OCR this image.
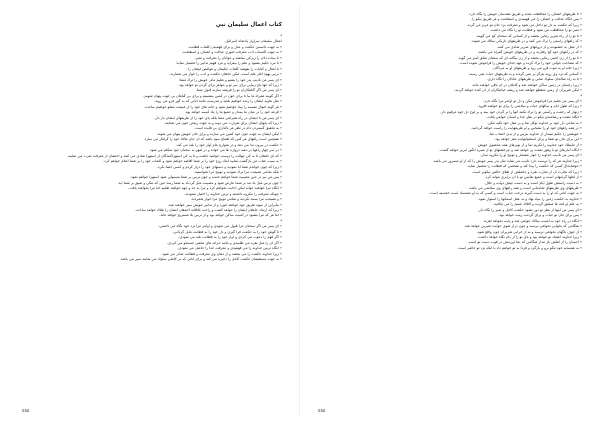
كتاب اعمال سليمان نبي
*
اعمال سليمان سراوار پادشاه اسرائيل.
٭ به جهت دانستن حكمت و عدل و براي فهميدن كلمات فطانت.
٭ به جهت اكتساب ادب معرفت آموزي عدالت و انصاف و استقامت؛
٭ تا ساده دلان را زيركي ببخشد و جوانان را معرفت و تميز.
٭ تا مرد حكيم بشنود و علم را بيفزايد و مرد فهيم تدابير را تحصيل نمايد؛
٭ تا امثال و كنايات را بفهمند كلمات حكيمان و غوامض ايشان را.
٭ ترس يهوه آغاز علم است، ليكن جاهلان حكمت و ادب را خوار مي شمارند.
٭ اي پسر من تأديب پدر خود را بشنو و تعليم مادر خويش را ترك منما؛
٭ زيرا كه آنها تاج زيبايي براي سر تو و جواهر براي گردن تو خواهد بود.
٭ اي پسر من اگر گناهكاران تو را فريفته سازند قبول منما.
٭ اگر گويند همراه ما بيا تا براي خون در كمين بنشينيم و براي بي گناهان بي جهت پنهان شويم.
٭ مثل هاويه ايشان را زنده خواهيم بلعيد و تندرست مانند آناني كه به گور فرو مي روند.
٭ هر گونه اموال نفيسه را پيدا خواهيم نمود و خانه هاي خود را از غنيمت مملو خواهيم ساخت.
٭ قرعه خود را در ميان ما بينداز و جميع ما را يك كيسه خواهد بود.
٭ اي پسر من با ايشان در راه همراهي منما بلكه پاي خود را از طريقهاي ايشان باز دار.
٭ زيرا كه پايهاي ايشان براي شرارت مي دوند و به جهت ريختن خون مي شتابند.
٭ به تحقيق گستردن دام در نظر هر بالداري بي فايده است.
٭ ليكن ايشان به جهت خون خود كمين مي سازند و براي جان خويش پنهان مي شوند.
٭ همچنين است راههاي هر كس كه طماع سود باشد كه آن جان مالك خود را گرفتار مي سازد.
٭ حكمت در بيرون ندا مي دهد و در شوارع عام آواز خود را بلند مي كند.
٭ در سر چهار راهها در دهنه دروازه ها مي خواند و در شهر به سخنان خود متكلم مي شود.
٭ كه اي جاهلان تا به كي جهالت را دوست خواهيد داشت و تا به كي استهزاكنندگان از استهزا شادي مي كنند و احمقان از معرفت نفرت مي نمايند.
٭ به سبب عتاب من بازگشت نماييد اينك روح خود را بر شما افاضه خواهم نمود و كلمات خود را بر شما اعلام خواهم كرد.
٭ زيرا كه چون خواندم شما ابا نموديد و دستهاي خود را دراز كردم و كسي اعتنا نكرد.
٭ بلكه تمامي نصيحت مرا ترك نموديد و توبيخ مرا نخواستيد.
٭ پس من نيز در حين مصيبت شما خواهم خنديد و چون ترس بر شما مستولي شود استهزا خواهم نمود.
٭ چون ترس مثل باد تند بر شما عارض شود و مصيبت مثل گردباد به شما رسد حين كه تنگي و ضيق بر شما آيد.
٭ آنگاه مرا خواهند خواند ليكن اجابت نخواهم كرد و مرا به جد و جهد خواهند طلبيد اما مرا نخواهند يافت.
٭ چونكه معرفت را مكروه داشتند و ترس خداوند را اختيار ننمودند.
٭ و نصيحت مرا پسند نكردند و تمامي توبيخ مرا خوار شمردند.
٭ بنابراين از ميوه طريق خود خواهند خورد و از تدابير خويش سير خواهند شد.
٭ زيرا كه ارتداد جاهلان ايشان را خواهد كشت و راحت غافلانه احمقان ايشان را هلاك خواهد ساخت.
٭ اما هر كه مرا بشنود در امنيت ساكن خواهد بود و از ترس بلا مستريح خواهد ماند.
*
٭ اي پسر من اگر سخنان مرا قبول مي نمودي و اوامر مرا نزد خود نگاه مي داشتي،
٭ تا گوش خود را به حكمت فرا گيري و دل خود را به فطانت مايل گرداني،
٭ اگر فهم را دعوت مي كردي و آواز خود را به فطانت بلند مي نمودي،
٭ اگر آن را مثل نقره مي طلبيدي و مانند خزانه هاي مخفي جستجو مي كردي،
٭ آنگاه ترس خداوند را مي فهميدي و معرفت خدا را حاصل مي نمودي.
٭ زيرا خداوند حكمت را مي بخشد و از دهان وي معرفت و فطانت صادر مي شود.
٭ به جهت مستقيمان حكمت كامل را ذخيره مي كند و براي آناني كه در كاملي سلوك مي نمايند سپر مي باشد.
٥٥٥
٭ تا طريقهاي انصاف را محافظت نمايد و طريق مقدسان خويش را نگاه دارد.
٭ پس آنگاه عدالت و انصاف را مي فهميدي و استقامت و هر طريق نيكو را.
٭ زيرا كه حكمت به دل تو داخل مي شود و معرفت نزد جان تو عزيز مي گردد.
٭ تميز تو را محافظت مي نمود و فطانت تو را نگاه مي داشت.
٭ تا تو را از راه شرير رهايي بخشد و از كساني كه سخنان كج مي گويند.
٭ كه راههاي راستي را ترك مي كنند و در طريقهاي تاريكي سالك مي شوند.
٭ از عمل بد خشنودند و از دروغهاي شرير شادي مي كنند.
٭ كه در راههاي خود كج رفتارند و در طريقهاي خويش گمراه مي باشند.
٭ تا تو را از زن اجنبي رهايي بخشد و از زن بيگانه اي كه سخنان تملق آميز مي گويد.
٭ كه مصاحب جواني خود را ترك كرده و عهد خداي خويش را فراموش نموده است.
٭ زيرا خانه او به موت فرو مي رود و طريقهاي او به مردگان.
٭ كساني كه نزد وي روند هرگز بر نمي گردند و به طريقهاي حيات نمي رسند.
٭ تا به راه صالحان سلوك نمايي و طريقهاي عادلان را نگاه داري.
٭ زيرا راستان در زمين ساكن خواهند شد و كاملان در آن باقي خواهند ماند.
٭ ليكن شريران از زمين منقطع خواهند شد و ريشه خيانتكاران از آن كنده خواهد گرديد.
*
٭ اي پسر من تعليم مرا فراموش مكن و دل تو اوامر مرا نگاه دارد.
٭ زيرا كه طول ايام و سالهاي حيات و سلامتي را براي تو خواهند افزود.
٭ زنهار كه رحمت و راستي تو را ترك نكنند آنها را بر گردن خود ببند و بر لوح دل خود مرقوم دار.
٭ آنگاه نعمت و رضامندي نيكو در نظر خدا و انسان خواهي يافت.
٭ به تمامي دل خود بر خداوند توكل نما و بر عقل خود تكيه مكن.
٭ در همه راههاي خود او را بشناس و او طريقهايت را راست خواهد گردانيد.
٭ خويشتن را حكيم مپندار از خداوند بترس و از بدي اجتناب نما.
٭ اين براي ناف تو شفا و براي استخوانهايت مغز خواهد بود.
٭ از مايملك خود خداوند را تكريم نما و از نوبرهاي همه محصول خويش.
٭ آنگاه انبارهاي تو با وفور نعمت پر خواهد شد و چرخشتهاي تو از شيره انگور لبريز خواهد گشت.
٭ اي پسر من تأديب خداوند را خوار مشمار و توبيخ او را مكروه مدار.
٭ زيرا خداوند هر كه را دوست دارد تأديب مي نمايد مثل پدر پسر خويش را كه از او مسرور مي باشد.
٭ خوشابحال كسي كه حكمت را پيدا كند و شخصي كه فطانت را تحصيل نمايد.
٭ زيرا كه تجارت آن از تجارت نقره و حاصلش از طلاي خالص نيكوتر است.
٭ از لعلها گرانبهاتر است و جميع نفايس تو با آن برابري نتواند كرد.
٭ به دست راستش طول ايام است و به دست چپش دولت و جلال.
٭ طريقهاي وي طريقهاي شادماني است و همه راههاي وي سلامتي مي باشد.
٭ به جهت آناني كه او را به دست گيرند درخت حيات است و كسي كه به او متمسك است خجسته است.
٭ خداوند به حكمت زمين را بنياد نهاد و به عقل آسمانها را استوار نمود.
٭ به علم او لجه ها منشق گرديد و افلاك شبنم را مي چكانيد.
٭ اي پسر من اينها از نظر تو دور نشود حكمت كامل و تميز را نگاه دار.
٭ پس براي جان تو حيات و براي گردنت زينت خواهد بود.
٭ آنگاه در راه خود به امنيت سالك خواهي شد و پايت نخواهد لغزيد.
٭ هنگامي كه بخوابي نخواهي ترسيد و چون دراز شوي خوابت شيرين خواهد شد.
٭ از خوف ناگهان نخواهي ترسيد و نه از خرابي شريران چون واقع شود.
٭ زيرا خداوند اعتماد تو خواهد بود و پاي تو را از دام نگاه خواهد داشت.
٭ احسان را از اهلش باز مدار هنگامي كه بجا آوردنش در قوت دست تو است.
٭ به همسايه خود مگو برو و بازگرد و فردا به تو خواهم داد با آنكه نزد تو حاضر است.
٥٥٥
